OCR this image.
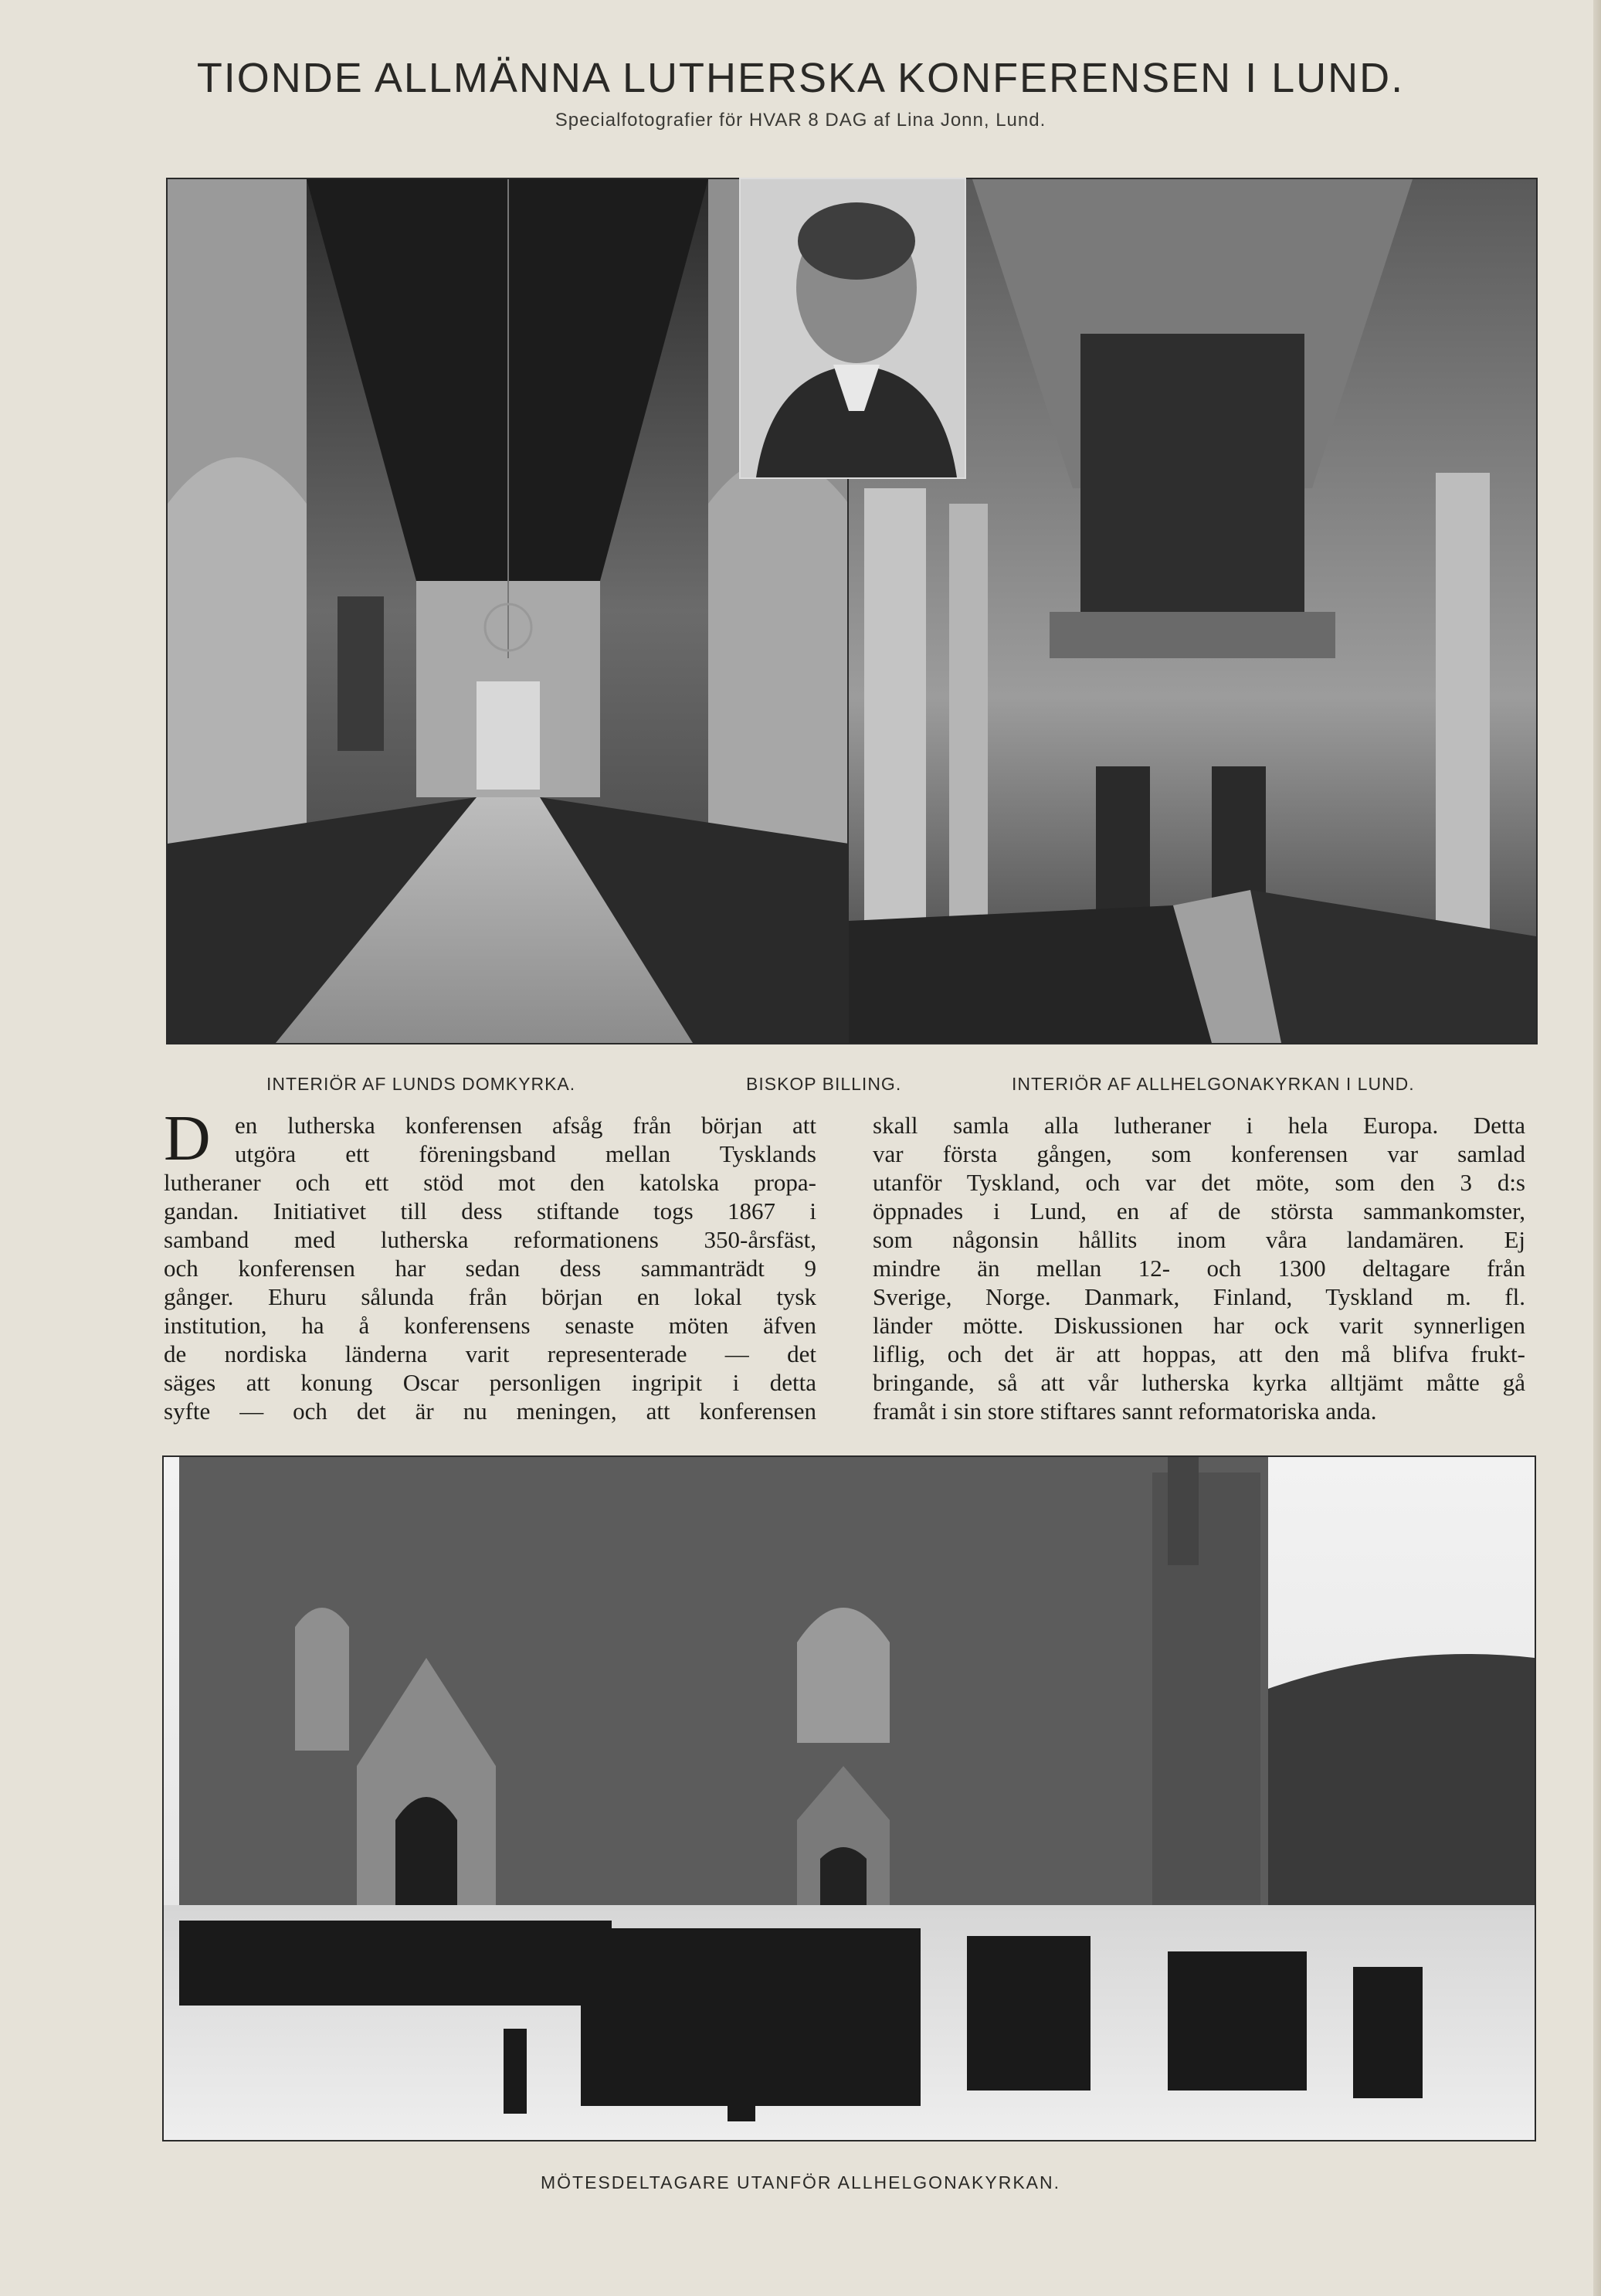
TIONDE ALLMÄNNA LUTHERSKA KONFERENSEN I LUND.
Specialfotografier för HVAR 8 DAG af Lina Jonn, Lund.
INTERIÖR AF LUNDS DOMKYRKA.	BISKOP BILLING.	INTERIÖR AF ALLHELGONAKYRKAN I LUND.
D	en lutherska konferensen afsåg från början att
utgöra ett föreningsband mellan Tysklands
lutheraner och ett stöd mot den katolska propa-
gandan. Initiativet till dess stiftande togs 1867 i
samband med lutherska reformationens 350-årsfäst,
och konferensen har sedan dess sammanträdt 9
gånger. Ehuru sålunda från början en lokal tysk
institution, ha å konferensens senaste möten äfven
de nordiska länderna varit representerade — det
säges att konung Oscar personligen ingripit i detta
syfte — och det är nu meningen, att konferensen
skall samla alla lutheraner i hela Europa. Detta
var första gången, som konferensen var samlad
utanför Tyskland, och var det möte, som den 3 d:s
öppnades i Lund, en af de största sammankomster,
som någonsin hållits inom våra landamären. Ej
mindre än mellan 12- och 1300 deltagare från
Sverige, Norge. Danmark, Finland, Tyskland m. fl.
länder mötte. Diskussionen har ock varit synnerligen
liflig, och det är att hoppas, att den må blifva frukt-
bringande, så att vår lutherska kyrka alltjämt måtte gå
framåt i sin store stiftares sannt reformatoriska anda.
MÖTESDELTAGARE UTANFÖR ALLHELGONAKYRKAN.
